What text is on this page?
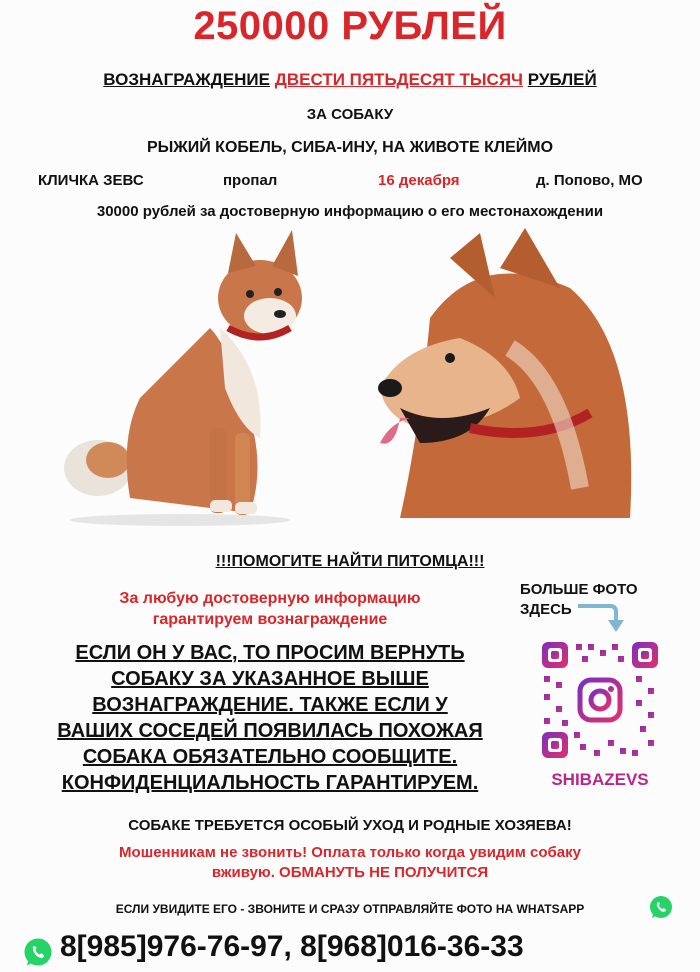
250000 РУБЛЕЙ
ВОЗНАГРАЖДЕНИЕ ДВЕСТИ ПЯТЬДЕСЯТ ТЫСЯЧ РУБЛЕЙ
ЗА СОБАКУ
РЫЖИЙ КОБЕЛЬ, СИБА-ИНУ, НА ЖИВОТЕ КЛЕЙМО
КЛИЧКА ЗЕВС	пропал	16 декабря	д. Попово, МО
30000 рублей за достоверную информацию о его местонахождении
!!!ПОМОГИТЕ НАЙТИ ПИТОМЦА!!!
За любую достоверную информацию
гарантируем вознаграждение
БОЛЬШЕ ФОТО
ЗДЕСЬ
ЕСЛИ ОН У ВАС, ТО ПРОСИМ ВЕРНУТЬ
СОБАКУ ЗА УКАЗАННОЕ ВЫШЕ
ВОЗНАГРАЖДЕНИЕ. ТАКЖЕ ЕСЛИ У
ВАШИХ СОСЕДЕЙ ПОЯВИЛАСЬ ПОХОЖАЯ
СОБАКА ОБЯЗАТЕЛЬНО СООБЩИТЕ.
КОНФИДЕНЦИАЛЬНОСТЬ ГАРАНТИРУЕМ.	SHIBAZEVS
СОБАКЕ ТРЕБУЕТСЯ ОСОБЫЙ УХОД И РОДНЫЕ ХОЗЯЕВА!
Мошенникам не звонить! Оплата только когда увидим собаку
вживую. ОБМАНУТЬ НЕ ПОЛУЧИТСЯ
ЕСЛИ УВИДИТЕ ЕГО - ЗВОНИТЕ И СРАЗУ ОТПРАВЛЯЙТЕ ФОТО НА WHATSAPP
8[985]976-76-97, 8[968]016-36-33
